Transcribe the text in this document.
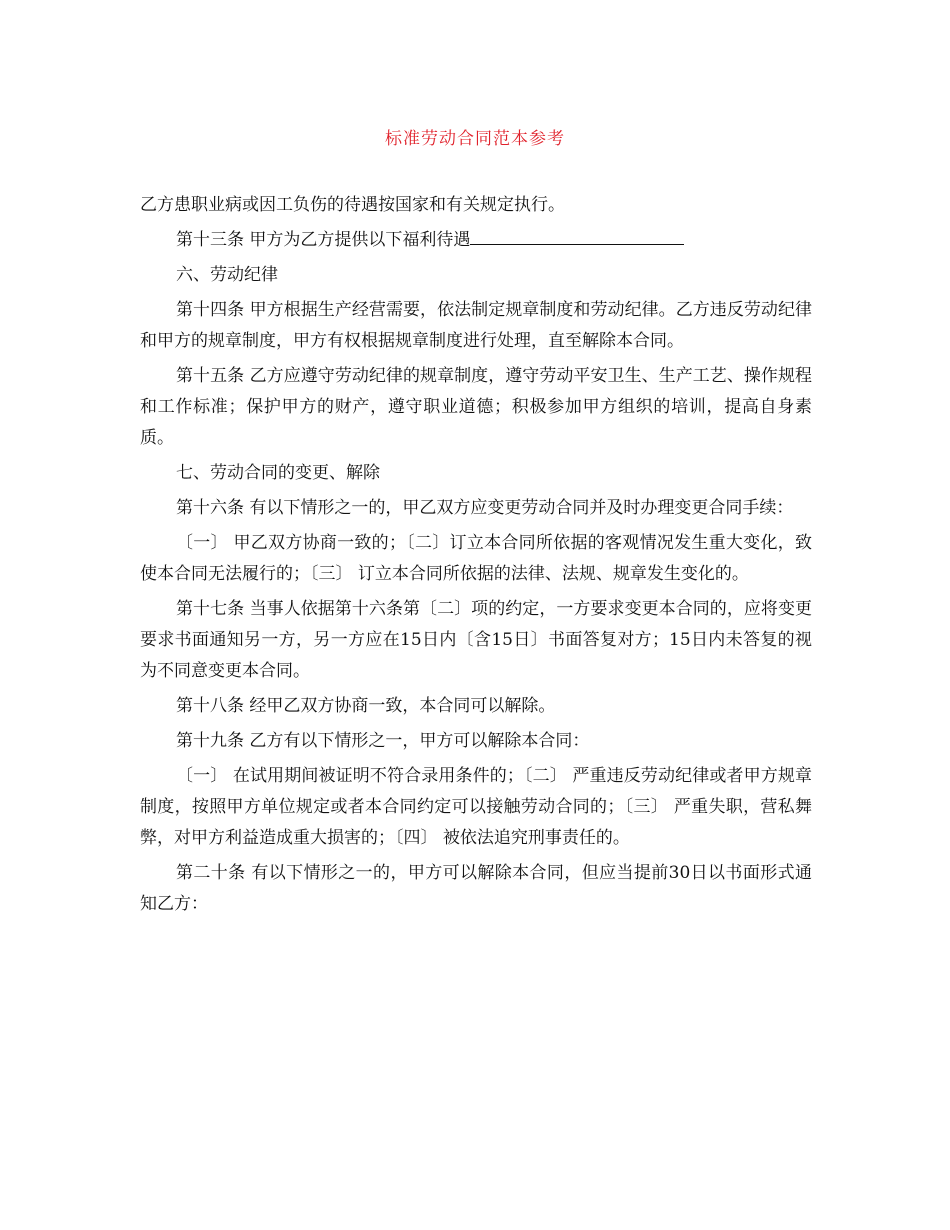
标准劳动合同范本参考

乙方患职业病或因工负伤的待遇按国家和有关规定执行。

第十三条 甲方为乙方提供以下福利待遇

六、劳动纪律

第十四条 甲方根据生产经营需要，依法制定规章制度和劳动纪律。乙方违反劳动纪律和甲方的规章制度，甲方有权根据规章制度进行处理，直至解除本合同。

第十五条 乙方应遵守劳动纪律的规章制度，遵守劳动平安卫生、生产工艺、操作规程和工作标准；保护甲方的财产，遵守职业道德；积极参加甲方组织的培训，提高自身素质。

七、劳动合同的变更、解除

第十六条 有以下情形之一的，甲乙双方应变更劳动合同并及时办理变更合同手续：

〔一〕 甲乙双方协商一致的；〔二〕订立本合同所依据的客观情况发生重大变化，致使本合同无法履行的；〔三〕 订立本合同所依据的法律、法规、规章发生变化的。

第十七条 当事人依据第十六条第〔二〕项的约定，一方要求变更本合同的，应将变更要求书面通知另一方，另一方应在15日内〔含15日〕书面答复对方；15日内未答复的视为不同意变更本合同。

第十八条 经甲乙双方协商一致，本合同可以解除。

第十九条 乙方有以下情形之一，甲方可以解除本合同：

〔一〕 在试用期间被证明不符合录用条件的；〔二〕 严重违反劳动纪律或者甲方规章制度，按照甲方单位规定或者本合同约定可以接触劳动合同的；〔三〕 严重失职，营私舞弊，对甲方利益造成重大损害的；〔四〕 被依法追究刑事责任的。

第二十条 有以下情形之一的，甲方可以解除本合同，但应当提前30日以书面形式通知乙方：
